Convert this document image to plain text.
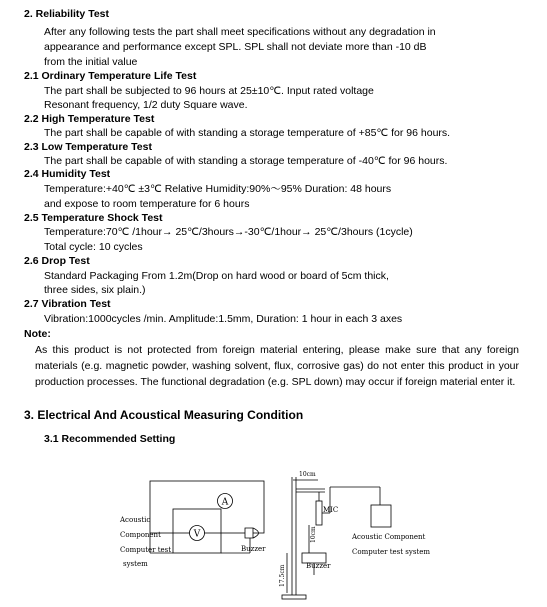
2. Reliability Test
After any following tests the part shall meet specifications without any degradation in
appearance and performance except SPL. SPL shall not deviate more than -10 dB
from the initial value
2.1 Ordinary Temperature Life Test
The part shall be subjected to 96 hours at 25±10℃. Input rated voltage
Resonant frequency, 1/2 duty Square wave.
2.2 High Temperature Test
The part shall be capable of with standing a storage temperature of +85℃ for 96 hours.
2.3 Low Temperature Test
The part shall be capable of with standing a storage temperature of -40℃ for 96 hours.
2.4 Humidity Test
Temperature:+40℃ ±3℃ Relative Humidity:90%～95% Duration: 48 hours
and expose to room temperature for 6 hours
2.5 Temperature Shock Test
Temperature:70℃ /1hour→ 25℃/3hours→-30℃/1hour→ 25℃/3hours (1cycle)
Total cycle: 10 cycles
2.6 Drop Test
Standard Packaging From 1.2m(Drop on hard wood or board of 5cm thick,
three sides, six plain.)
2.7 Vibration Test
Vibration:1000cycles /min. Amplitude:1.5mm, Duration: 1 hour in each 3 axes
Note:
As this product is not protected from foreign material entering, please make sure that any foreign
materials (e.g. magnetic powder, washing solvent, flux, corrosive gas) do not enter this product in your
production processes. The functional degradation (e.g. SPL down) may occur if foreign material enter it.
3. Electrical And Acoustical Measuring Condition
3.1 Recommended Setting
A
V
Acoustic
Component
Computer test
system
Buzzer
10cm
MIC
10cm
Buzzer
17.5cm
Acoustic Component
Computer test system
